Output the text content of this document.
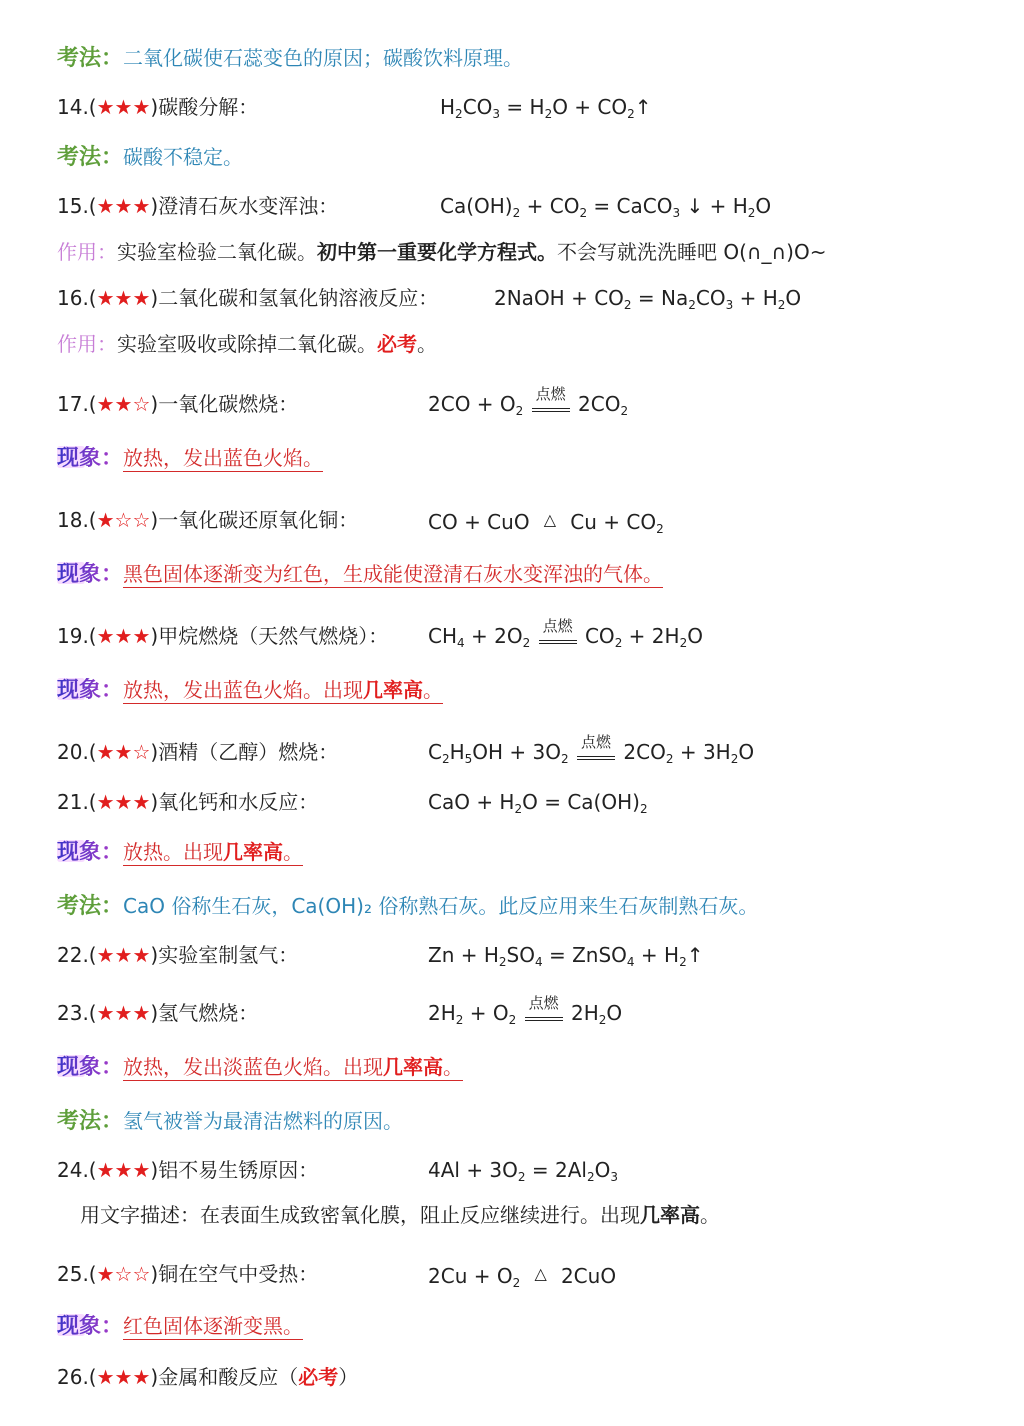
考法：二氧化碳使石蕊变色的原因；碳酸饮料原理。
14.(★★★)碳酸分解：	$H_2CO_3 = H_2O$ + $CO_2↑$
考法：碳酸不稳定。
15.(★★★)澄清石灰水变浑浊：	$Ca(OH)_2 + CO_2$ = CaCO$_3$ ↓ + $H_2O$
作用：实验室检验二氧化碳。初中第一重要化学方程式。不会写就洗洗睡吧 O(∩_∩)O~
16.(★★★)二氧化碳和氢氧化钠溶液反应：	2NaOH + $CO_2 = Na_2CO_3 + H_2O$
作用：实验室吸收或除掉二氧化碳。必考。
17.(★★☆)一氧化碳燃烧：	$2CO + O_2$
点燃 $2CO_2$
现象：放热，发出蓝色火焰。
18.(★☆☆)一氧化碳还原氧化铜：	CO + CuO △ $Cu + CO_2$
现象：黑色固体逐渐变为红色，生成能使澄清石灰水变浑浊的气体。
19.(★★★)甲烷燃烧（天然气燃烧）： $CH_4 + 2O_2$
点燃 $CO_2 + 2H_2O$
现象：放热，发出蓝色火焰。出现几率高。
20.(★★☆)酒精（乙醇）燃烧：	$C_2H_5OH + 3O_2$
点燃 $2CO_2 + 3H_2O$
21.(★★★)氧化钙和水反应：	CaO + $H_2O = Ca(OH)_2$
现象：放热。出现几率高。
考法：CaO 俗称生石灰，Ca(OH)₂ 俗称熟石灰。此反应用来生石灰制熟石灰。
22.(★★★)实验室制氢气：	$Zn + H_2SO_4$ = ZnSO$_4$ + $H_2↑$
23.(★★★)氢气燃烧：	$2H_2 + O_2$
点燃 $2H_2O$
现象：放热，发出淡蓝色火焰。出现几率高。
考法：氢气被誉为最清洁燃料的原因。
24.(★★★)铝不易生锈原因：	$4Al + 3O_2 = 2Al_2O_3$
用文字描述：在表面生成致密氧化膜，阻止反应继续进行。出现几率高。
25.(★☆☆)铜在空气中受热：	$2Cu + O_2$ △ 2CuO
现象：红色固体逐渐变黑。
26.(★★★)金属和酸反应（必考）
